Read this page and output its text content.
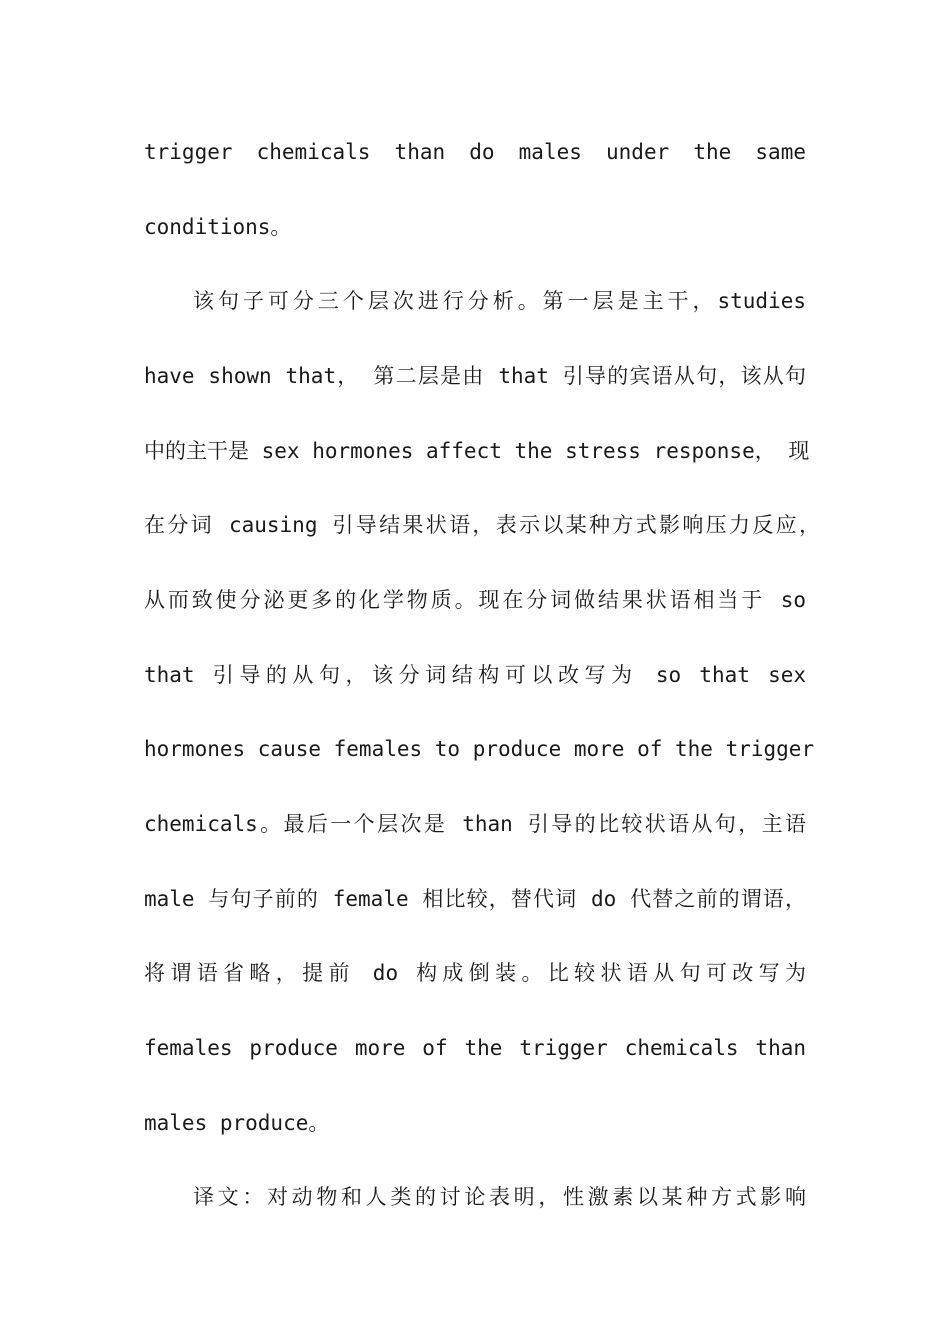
trigger chemicals than do males under the same
conditions。
该句子可分三个层次进行分析。第一层是主干，studies
have shown that， 第二层是由 that 引导的宾语从句，该从句
中的主干是 sex hormones affect the stress response， 现
在分词 causing 引导结果状语，表示以某种方式影响压力反应，
从而致使分泌更多的化学物质。现在分词做结果状语相当于 so
that 引导的从句，该分词结构可以改写为 so that sex
hormones cause females to produce more of the trigger
chemicals。最后一个层次是 than 引导的比较状语从句，主语
male 与句子前的 female 相比较，替代词 do 代替之前的谓语，
将谓语省略，提前 do 构成倒装。比较状语从句可改写为
females produce more of the trigger chemicals than
males produce。
译文：对动物和人类的讨论表明，性激素以某种方式影响
